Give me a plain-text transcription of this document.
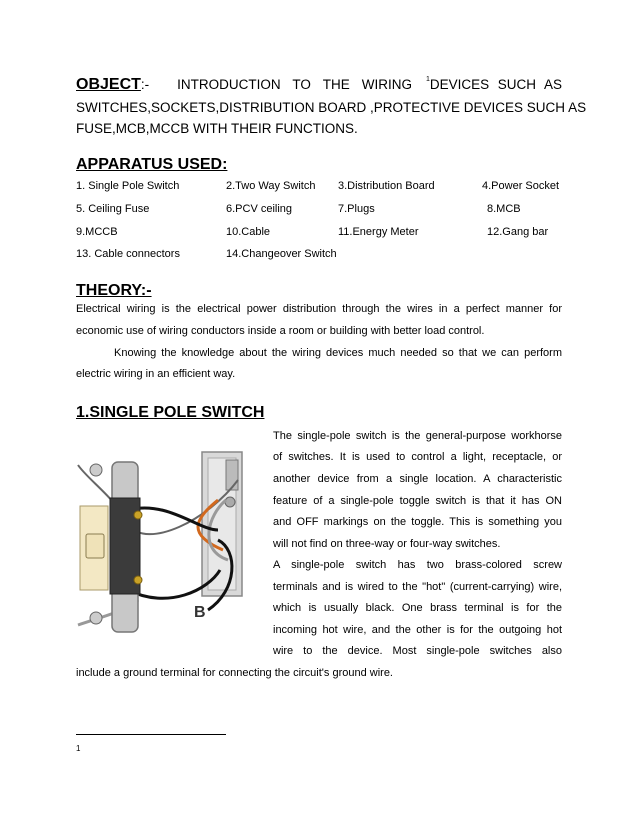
OBJECT :- INTRODUCTION TO THE WIRING 1 DEVICES SUCH AS
SWITCHES,SOCKETS,DISTRIBUTION BOARD ,PROTECTIVE DEVICES SUCH AS
FUSE,MCB,MCCB WITH THEIR FUNCTIONS.
APPARATUS USED:
1. Single Pole Switch	2.Two Way Switch 3.Distribution Board	4.Power Socket
5. Ceiling Fuse	6.PCV ceiling	7.Plugs	8.MCB
9.MCCB	10.Cable	11.Energy Meter	12.Gang bar
13. Cable connectors	14.Changeover Switch
THEORY:-
Electrical wiring is the electrical power distribution through the wires in a perfect manner for
economic use of wiring conductors inside a room or building with better load control.
Knowing the knowledge about the wiring devices much needed so that we can perform
electric wiring in an efficient way.
1.SINGLE POLE SWITCH
B
The single-pole switch is the general-purpose workhorse
of switches. It is used to control a light, receptacle, or
another device from a single location. A characteristic
feature of a single-pole toggle switch is that it has ON
and OFF markings on the toggle. This is something you
will not find on three-way or four-way switches.
A single-pole switch has two brass-colored screw
terminals and is wired to the "hot" (current-carrying) wire,
which is usually black. One brass terminal is for the
incoming hot wire, and the other is for the outgoing hot
wire to the device. Most single-pole switches also
include a ground terminal for connecting the circuit's ground wire.
1
